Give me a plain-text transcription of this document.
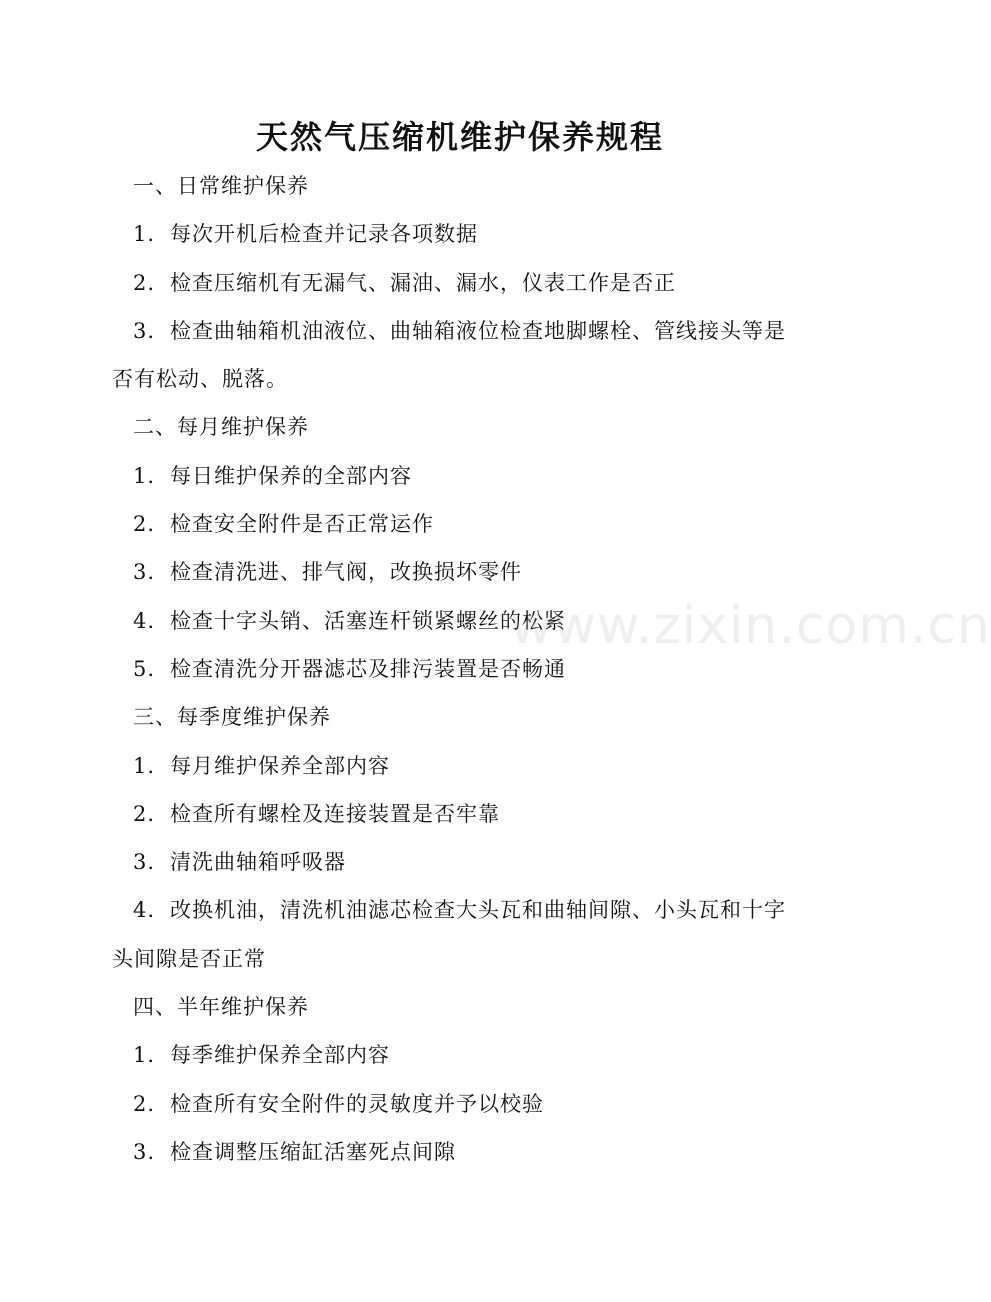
天然气压缩机维护保养规程

一、日常维护保养

1. 每次开机后检查并记录各项数据

2. 检查压缩机有无漏气、漏油、漏水，仪表工作是否正

3. 检查曲轴箱机油液位、曲轴箱液位检查地脚螺栓、管线接头等是

否有松动、脱落。

二、每月维护保养

1. 每日维护保养的全部内容

2. 检查安全附件是否正常运作

3. 检查清洗进、排气阀，改换损坏零件

4. 检查十字头销、活塞连杆锁紧螺丝的松紧

5. 检查清洗分开器滤芯及排污装置是否畅通

三、每季度维护保养

1. 每月维护保养全部内容

2. 检查所有螺栓及连接装置是否牢靠

3. 清洗曲轴箱呼吸器

4. 改换机油，清洗机油滤芯检查大头瓦和曲轴间隙、小头瓦和十字

头间隙是否正常

四、半年维护保养

1. 每季维护保养全部内容

2. 检查所有安全附件的灵敏度并予以校验

3. 检查调整压缩缸活塞死点间隙

www.zixin.com.cn
